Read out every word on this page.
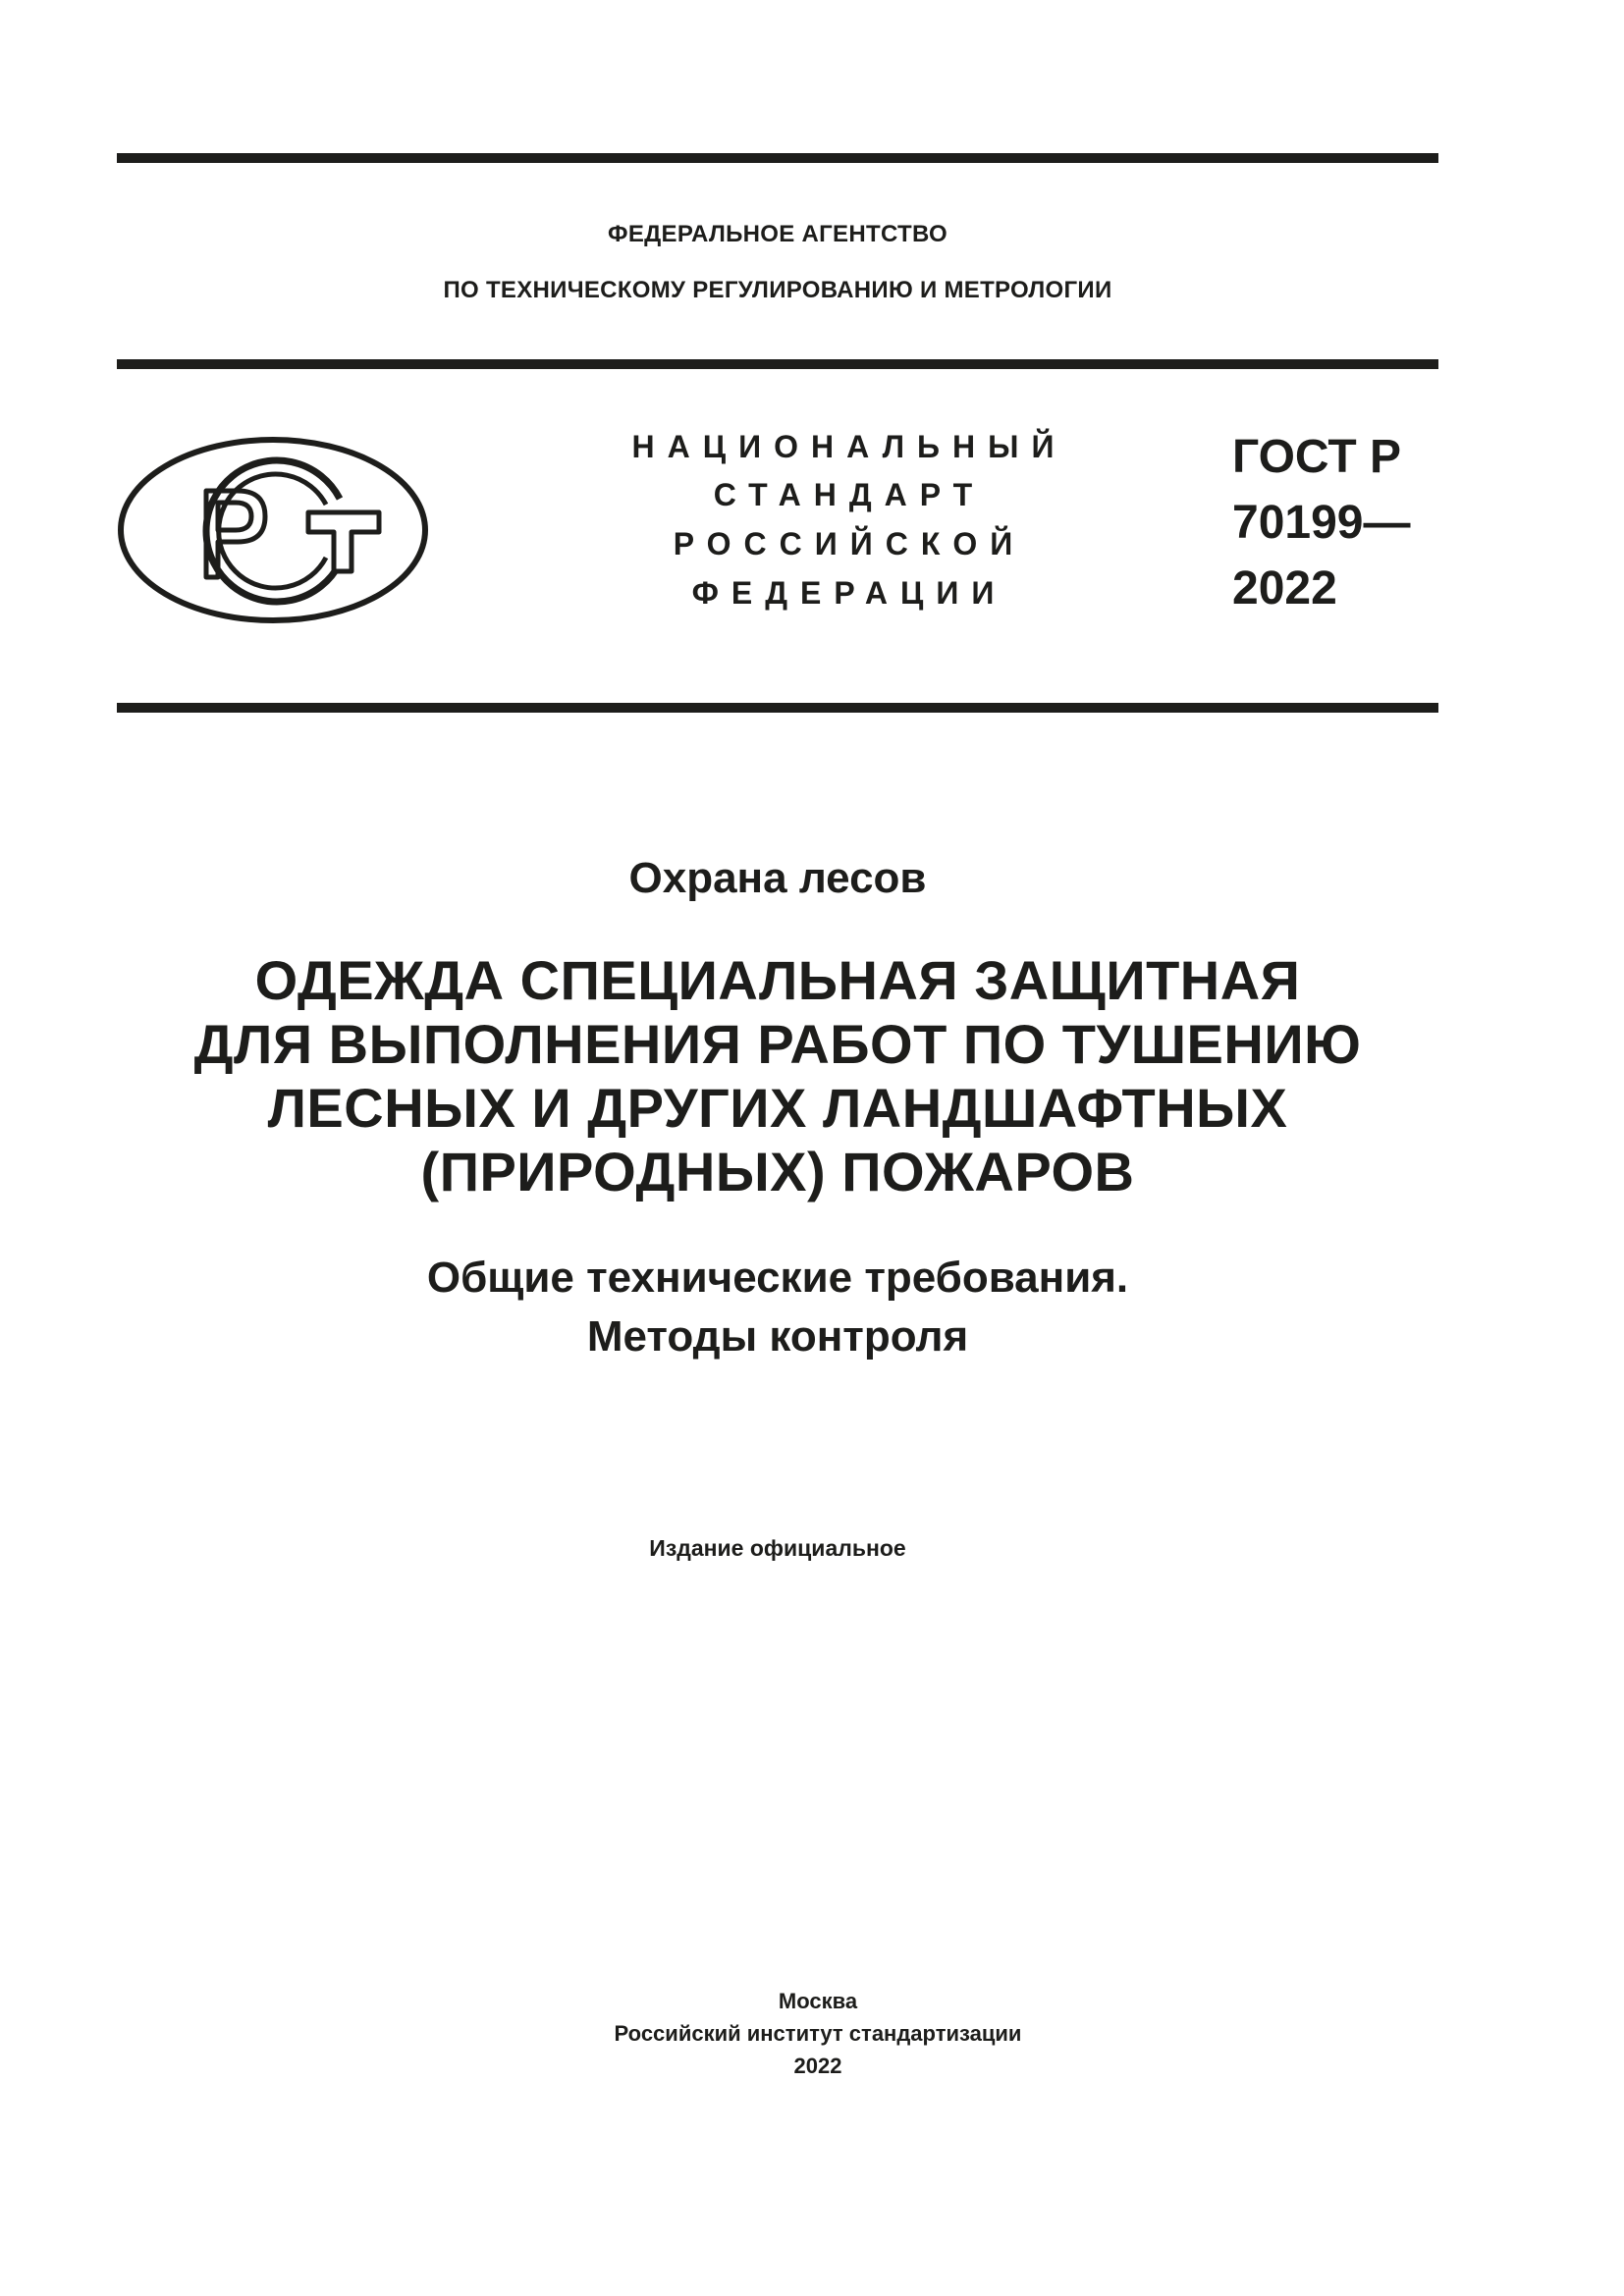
ФЕДЕРАЛЬНОЕ АГЕНТСТВО
ПО ТЕХНИЧЕСКОМУ РЕГУЛИРОВАНИЮ И МЕТРОЛОГИИ
НАЦИОНАЛЬНЫЙ
СТАНДАРТ
РОССИЙСКОЙ
ФЕДЕРАЦИИ
ГОСТ Р
70199—
2022
Охрана лесов
ОДЕЖДА СПЕЦИАЛЬНАЯ ЗАЩИТНАЯ
ДЛЯ ВЫПОЛНЕНИЯ РАБОТ ПО ТУШЕНИЮ
ЛЕСНЫХ И ДРУГИХ ЛАНДШАФТНЫХ
(ПРИРОДНЫХ) ПОЖАРОВ
Общие технические требования.
Методы контроля
Издание официальное
Москва
Российский институт стандартизации
2022
